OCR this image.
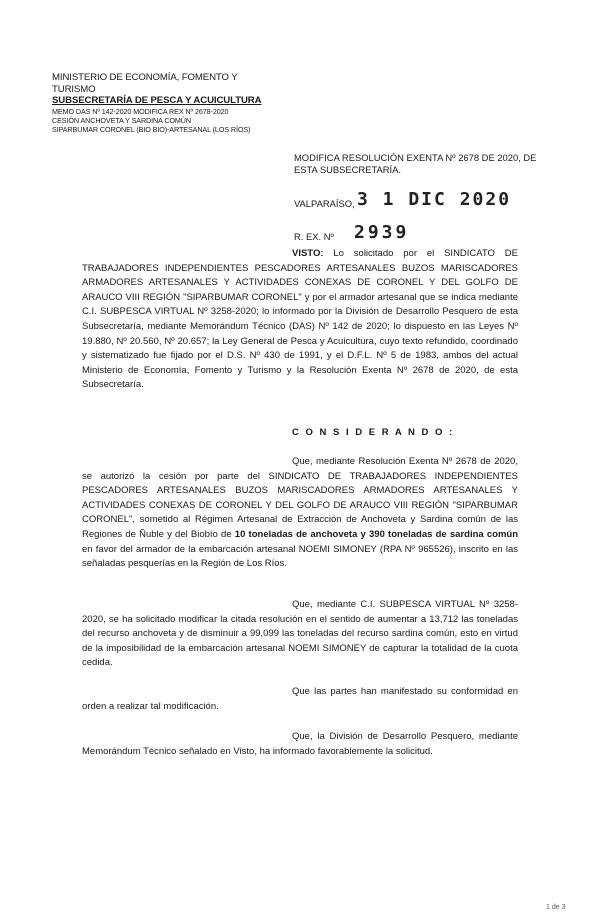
MINISTERIO DE ECONOMÍA, FOMENTO Y TURISMO
SUBSECRETARÍA DE PESCA Y ACUICULTURA
MEMO DAS Nº 142-2020 MODIFICA REX Nº 2678-2020
CESIÓN ANCHOVETA Y SARDINA COMÚN
SIPARBUMAR CORONEL (BIO BIO)-ARTESANAL (LOS RÍOS)
MODIFICA RESOLUCIÓN EXENTA Nº 2678 DE 2020, DE
ESTA SUBSECRETARÍA.
VALPARAÍSO, 3 1 DIC 2020
R. EX. Nº 2939

VISTO: Lo solicitado por el SINDICATO DE TRABAJADORES INDEPENDIENTES PESCADORES ARTESANALES BUZOS MARISCADORES ARMADORES ARTESANALES Y ACTIVIDADES CONEXAS DE CORONEL Y DEL GOLFO DE ARAUCO VIII REGIÓN "SIPARBUMAR CORONEL" y por el armador artesanal que se indica mediante C.I. SUBPESCA VIRTUAL Nº 3258-2020; lo informado por la División de Desarrollo Pesquero de esta Subsecretaría, mediante Memorándum Técnico (DAS) Nº 142 de 2020; lo dispuesto en las Leyes Nº 19.880, Nº 20.560, Nº 20.657; la Ley General de Pesca y Acuicultura, cuyo texto refundido, coordinado y sistematizado fue fijado por el D.S. Nº 430 de 1991, y el D.F.L. Nº 5 de 1983, ambos del actual Ministerio de Economía, Fomento y Turismo y la Resolución Exenta Nº 2678 de 2020, de esta Subsecretaría.

C O N S I D E R A N D O :

Que, mediante Resolución Exenta Nº 2678 de 2020, se autorizó la cesión por parte del SINDICATO DE TRABAJADORES INDEPENDIENTES PESCADORES ARTESANALES BUZOS MARISCADORES ARMADORES ARTESANALES Y ACTIVIDADES CONEXAS DE CORONEL Y DEL GOLFO DE ARAUCO VIII REGIÓN "SIPARBUMAR CORONEL", sometido al Régimen Artesanal de Extracción de Anchoveta y Sardina común de las Regiones de Ñuble y del Biobío de 10 toneladas de anchoveta y 390 toneladas de sardina común en favor del armador de la embarcación artesanal NOEMI SIMONEY (RPA Nº 965526), inscrito en las señaladas pesquerías en la Región de Los Ríos.

Que, mediante C.I. SUBPESCA VIRTUAL Nº 3258-2020, se ha solicitado modificar la citada resolución en el sentido de aumentar a 13,712 las toneladas del recurso anchoveta y de disminuir a 99,099 las toneladas del recurso sardina común, esto en virtud de la imposibilidad de la embarcación artesanal NOEMI SIMONEY de capturar la totalidad de la cuota cedida.

Que las partes han manifestado su conformidad en orden a realizar tal modificación.

Que, la División de Desarrollo Pesquero, mediante Memorándum Técnico señalado en Visto, ha informado favorablemente la solicitud.

1 de 3
